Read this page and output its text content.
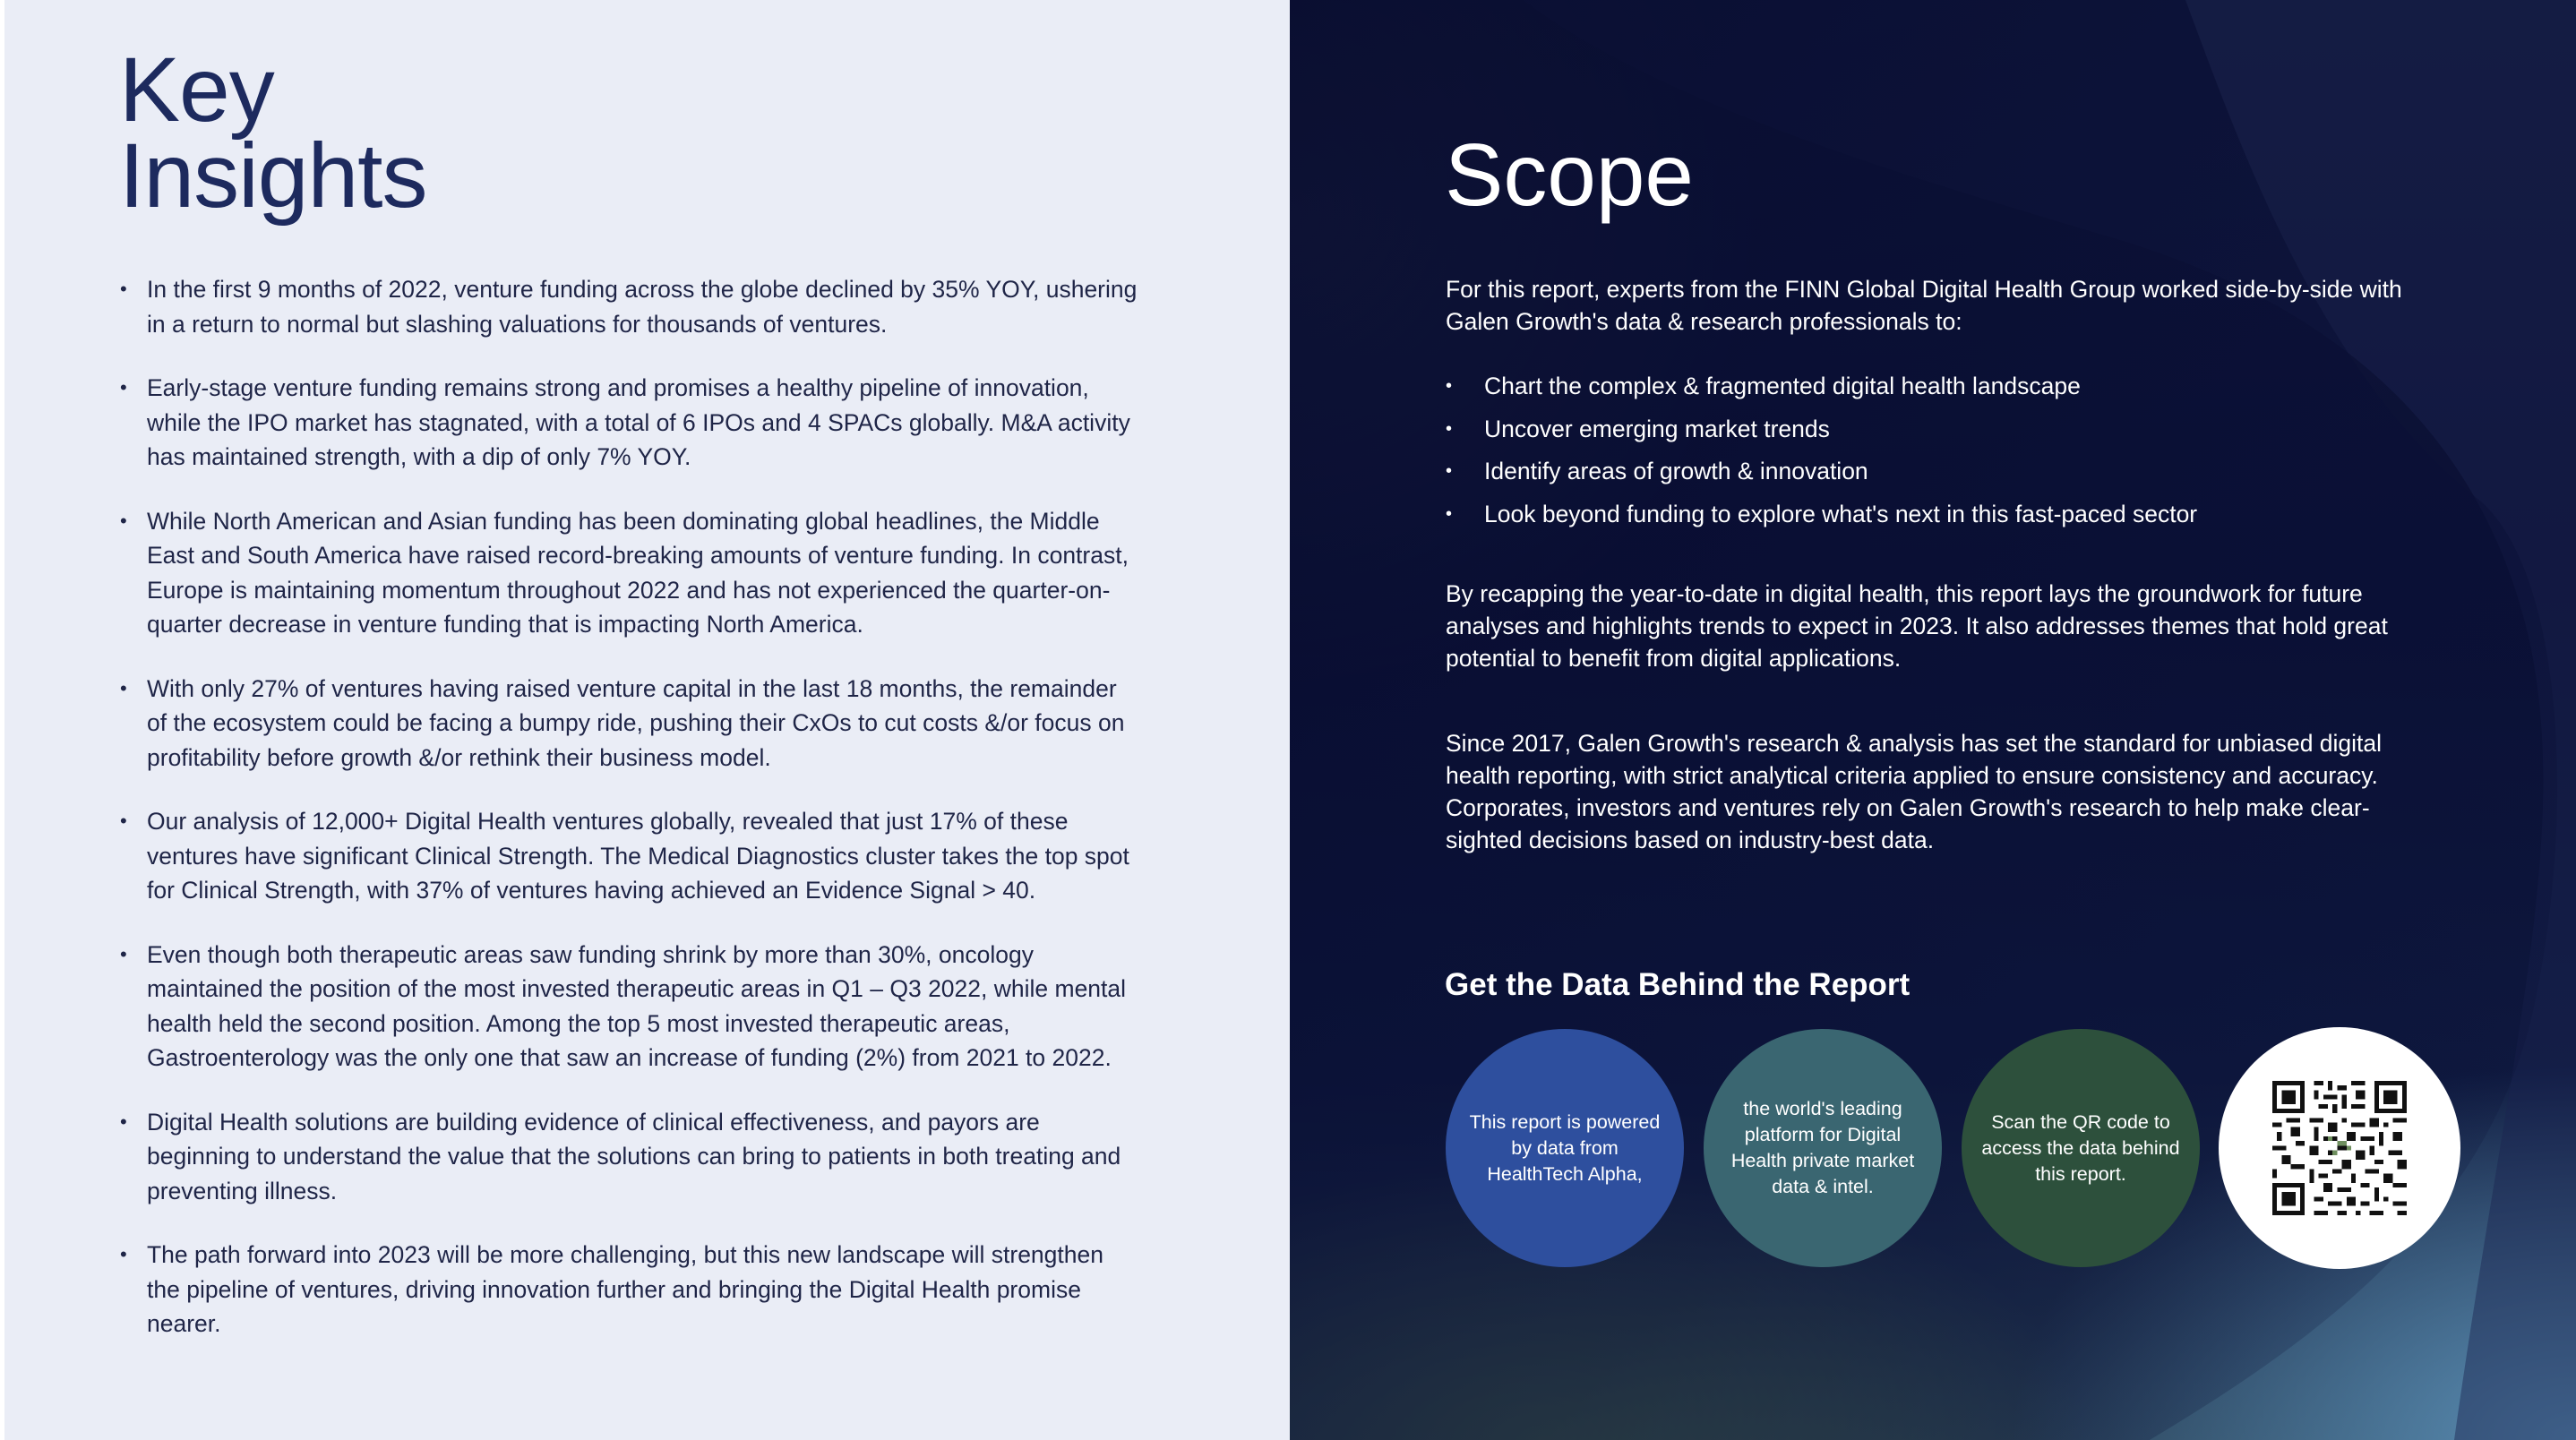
Key
Insights
• In the first 9 months of 2022, venture funding across the globe declined by 35% YOY, ushering in a return to normal but slashing valuations for thousands of ventures.
• Early-stage venture funding remains strong and promises a healthy pipeline of innovation, while the IPO market has stagnated, with a total of 6 IPOs and 4 SPACs globally. M&A activity has maintained strength, with a dip of only 7% YOY.
• While North American and Asian funding has been dominating global headlines, the Middle East and South America have raised record-breaking amounts of venture funding. In contrast, Europe is maintaining momentum throughout 2022 and has not experienced the quarter-on-quarter decrease in venture funding that is impacting North America.
• With only 27% of ventures having raised venture capital in the last 18 months, the remainder of the ecosystem could be facing a bumpy ride, pushing their CxOs to cut costs &/or focus on profitability before growth &/or rethink their business model.
• Our analysis of 12,000+ Digital Health ventures globally, revealed that just 17% of these ventures have significant Clinical Strength. The Medical Diagnostics cluster takes the top spot for Clinical Strength, with 37% of ventures having achieved an Evidence Signal > 40.
• Even though both therapeutic areas saw funding shrink by more than 30%, oncology maintained the position of the most invested therapeutic areas in Q1 – Q3 2022, while mental health held the second position. Among the top 5 most invested therapeutic areas, Gastroenterology was the only one that saw an increase of funding (2%) from 2021 to 2022.
• Digital Health solutions are building evidence of clinical effectiveness, and payors are beginning to understand the value that the solutions can bring to patients in both treating and preventing illness.
• The path forward into 2023 will be more challenging, but this new landscape will strengthen the pipeline of ventures, driving innovation further and bringing the Digital Health promise nearer.
Scope

For this report, experts from the FINN Global Digital Health Group worked side-by-side with Galen Growth's data & research professionals to:

• Chart the complex & fragmented digital health landscape
• Uncover emerging market trends
• Identify areas of growth & innovation
• Look beyond funding to explore what's next in this fast-paced sector

By recapping the year-to-date in digital health, this report lays the groundwork for future analyses and highlights trends to expect in 2023. It also addresses themes that hold great potential to benefit from digital applications.

Since 2017, Galen Growth's research & analysis has set the standard for unbiased digital health reporting, with strict analytical criteria applied to ensure consistency and accuracy. Corporates, investors and ventures rely on Galen Growth's research to help make clear-sighted decisions based on industry-best data.

Get the Data Behind the Report

This report is powered by data from HealthTech Alpha,

the world's leading platform for Digital Health private market data & intel.

Scan the QR code to access the data behind this report.
